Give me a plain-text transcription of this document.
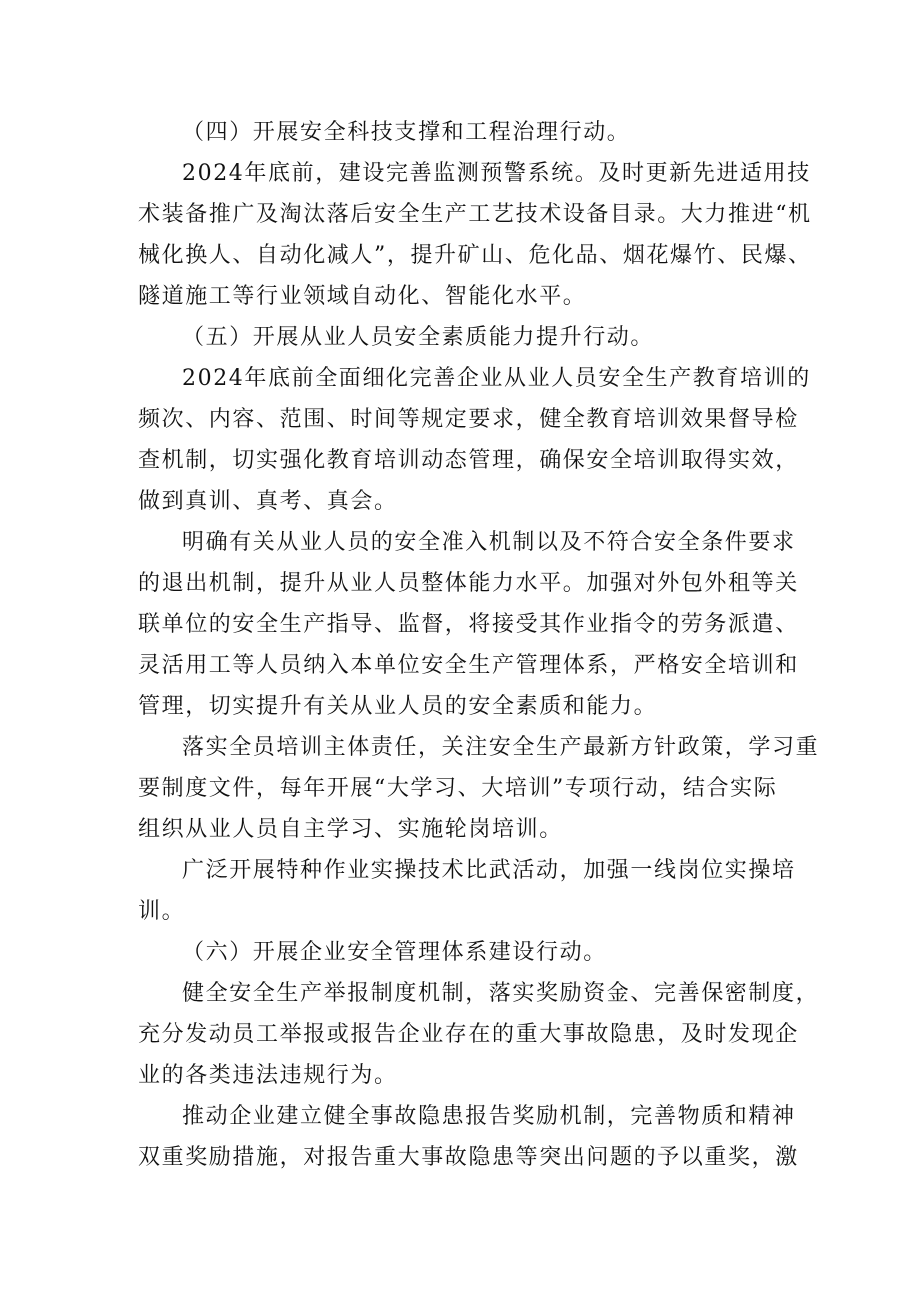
（四）开展安全科技支撑和工程治理行动。
2024年底前，建设完善监测预警系统。及时更新先进适用技
术装备推广及淘汰落后安全生产工艺技术设备目录。大力推进“机
械化换人、自动化减人”，提升矿山、危化品、烟花爆竹、民爆、
隧道施工等行业领域自动化、智能化水平。
（五）开展从业人员安全素质能力提升行动。
2024年底前全面细化完善企业从业人员安全生产教育培训的
频次、内容、范围、时间等规定要求，健全教育培训效果督导检
查机制，切实强化教育培训动态管理，确保安全培训取得实效，
做到真训、真考、真会。
明确有关从业人员的安全准入机制以及不符合安全条件要求
的退出机制，提升从业人员整体能力水平。加强对外包外租等关
联单位的安全生产指导、监督，将接受其作业指令的劳务派遣、
灵活用工等人员纳入本单位安全生产管理体系，严格安全培训和
管理，切实提升有关从业人员的安全素质和能力。
落实全员培训主体责任，关注安全生产最新方针政策，学习重
要制度文件，每年开展“大学习、大培训”专项行动，结合实际
组织从业人员自主学习、实施轮岗培训。
广泛开展特种作业实操技术比武活动，加强一线岗位实操培
训。
（六）开展企业安全管理体系建设行动。
健全安全生产举报制度机制，落实奖励资金、完善保密制度，
充分发动员工举报或报告企业存在的重大事故隐患，及时发现企
业的各类违法违规行为。
推动企业建立健全事故隐患报告奖励机制，完善物质和精神
双重奖励措施，对报告重大事故隐患等突出问题的予以重奖，激
